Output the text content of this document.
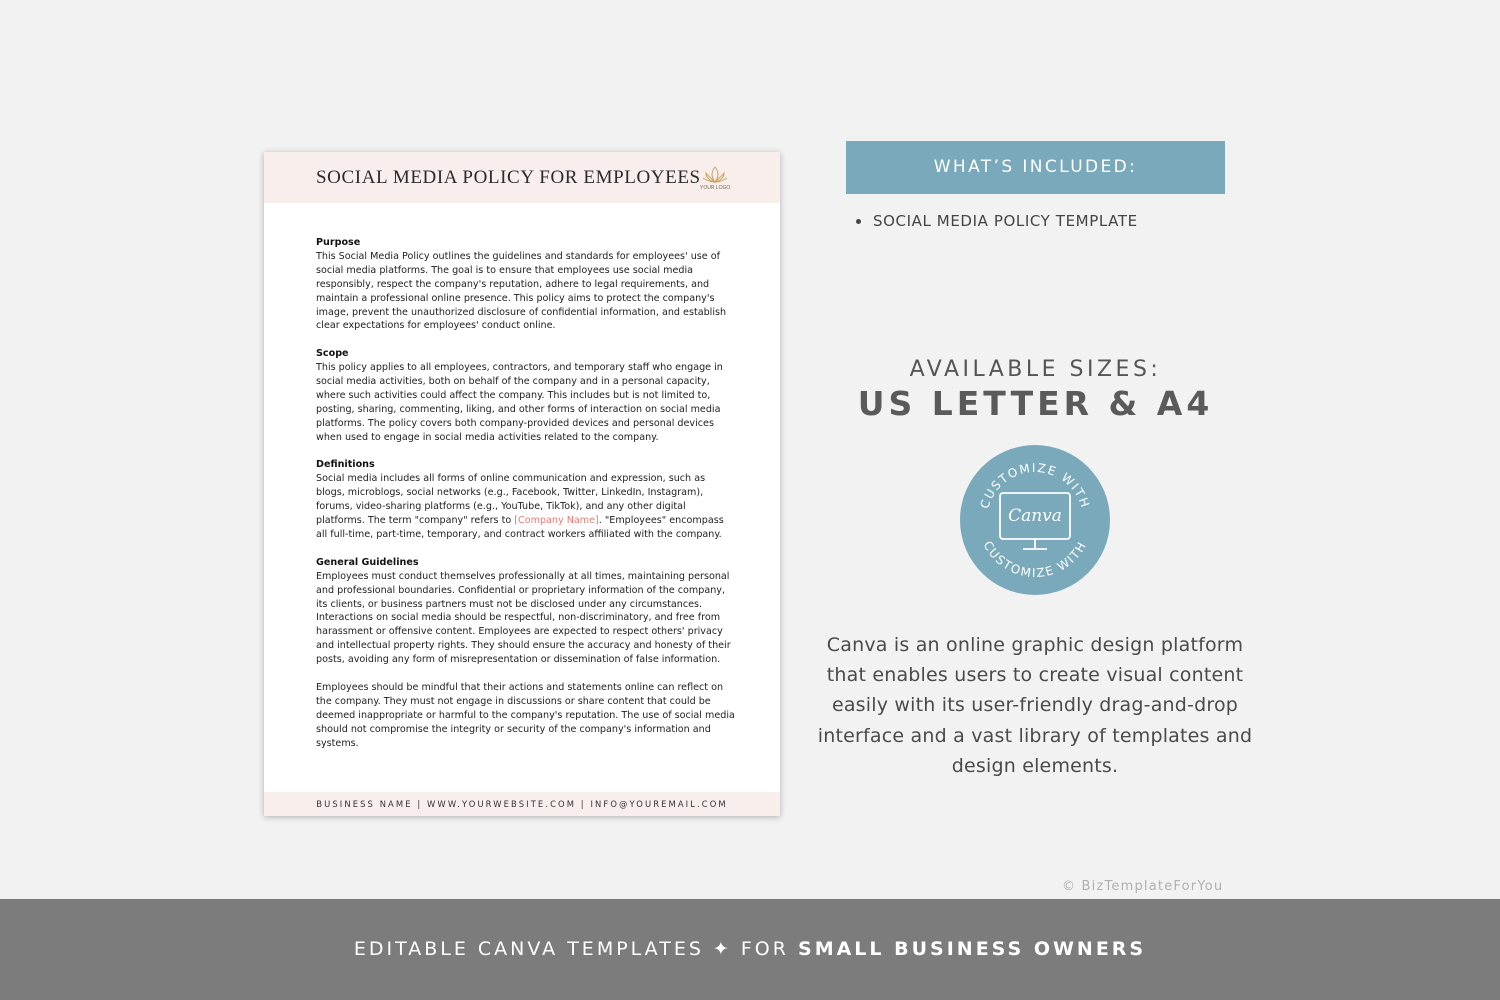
SOCIAL MEDIA POLICY FOR EMPLOYEES YOUR LOGO
Purpose

This Social Media Policy outlines the guidelines and standards for employees' use of social media platforms. The goal is to ensure that employees use social media responsibly, respect the company's reputation, adhere to legal requirements, and maintain a professional online presence. This policy aims to protect the company's image, prevent the unauthorized disclosure of confidential information, and establish clear expectations for employees' conduct online.

Scope

This policy applies to all employees, contractors, and temporary staff who engage in social media activities, both on behalf of the company and in a personal capacity, where such activities could affect the company. This includes but is not limited to, posting, sharing, commenting, liking, and other forms of interaction on social media platforms. The policy covers both company-provided devices and personal devices when used to engage in social media activities related to the company.

Definitions

Social media includes all forms of online communication and expression, such as blogs, microblogs, social networks (e.g., Facebook, Twitter, LinkedIn, Instagram), forums, video-sharing platforms (e.g., YouTube, TikTok), and any other digital platforms. The term "company" refers to [Company Name]. "Employees" encompass all full-time, part-time, temporary, and contract workers affiliated with the company.

General Guidelines

Employees must conduct themselves professionally at all times, maintaining personal and professional boundaries. Confidential or proprietary information of the company, its clients, or business partners must not be disclosed under any circumstances. Interactions on social media should be respectful, non-discriminatory, and free from harassment or offensive content. Employees are expected to respect others' privacy and intellectual property rights. They should ensure the accuracy and honesty of their posts, avoiding any form of misrepresentation or dissemination of false information.

Employees should be mindful that their actions and statements online can reflect on the company. They must not engage in discussions or share content that could be deemed inappropriate or harmful to the company's reputation. The use of social media should not compromise the integrity or security of the company's information and systems.

BUSINESS NAME | WWW.YOURWEBSITE.COM | INFO@YOUREMAIL.COM
WHAT’S INCLUDED:
SOCIAL MEDIA POLICY TEMPLATE
AVAILABLE SIZES:
US LETTER & A4
CUSTOMIZE WITH
CUSTOMIZE WITH
Canva
Canva is an online graphic design platform that enables users to create visual content easily with its user-friendly drag-and-drop interface and a vast library of templates and design elements.
© BizTemplateForYou
EDITABLE CANVA TEMPLATES ✦ FOR SMALL BUSINESS OWNERS
